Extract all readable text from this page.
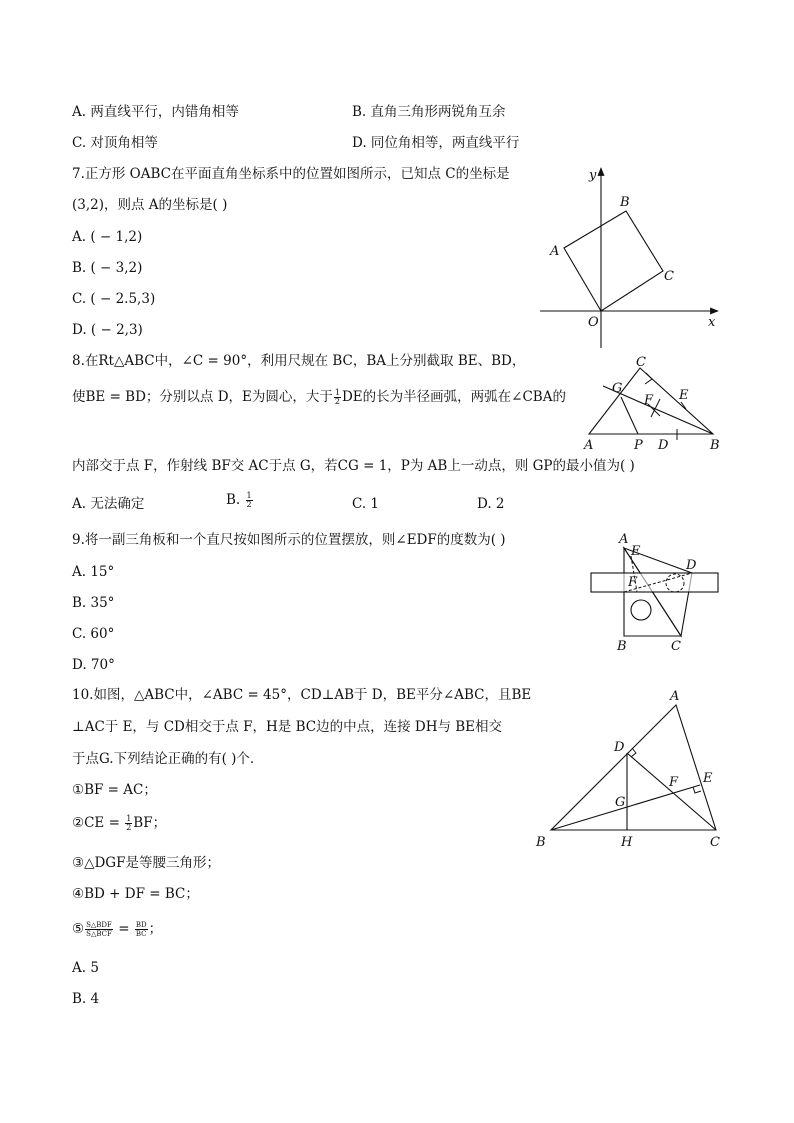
A. 两直线平行，内错角相等	B. 直角三角形两锐角互余
C. 对顶角相等	D. 同位角相等，两直线平行
7.正方形 OABC在平面直角坐标系中的位置如图所示，已知点 C的坐标是
(3,2)，则点 A的坐标是( )
A. ( − 1,2)
B. ( − 3,2)
C. ( − 2.5,3)
D. ( − 2,3)
y
x
O
A
B
C
8.在Rt△ABC中，∠C = 90°，利用尺规在 BC，BA上分别截取 BE、BD，
使BE = BD；分别以点 D，E为圆心，大于 $\frac{1}{2}$ DE的长为半径画弧，两弧在∠CBA的
内部交于点 F，作射线 BF交 AC于点 G，若CG = 1，P为 AB上一动点，则 GP的最小值为( )
A. 无法确定	B. $\frac{1}{2}$	C. 1	D. 2
C
G	E
F
A	P D	B
9.将一副三角板和一个直尺按如图所示的位置摆放，则∠EDF的度数为( )
A. 15°
B. 35°
C. 60°
D. 70°
A
E
D
F
B	C
10.如图，△ABC中，∠ABC = 45°，CD⊥AB于 D，BE平分∠ABC，且BE
⊥AC于 E，与 CD相交于点 F，H是 BC边的中点，连接 DH与 BE相交
于点G.下列结论正确的有( )个．
①BF = AC；
②CE = $\frac{1}{2}$ BF；
③△DGF是等腰三角形；
④BD + DF = BC；
⑤ $\frac{\text{S△BDF}}{\text{S△BCF}} = \frac{BD}{BC}$ ；
A. 5
B. 4
A
D
E
F
G
B	H	C
